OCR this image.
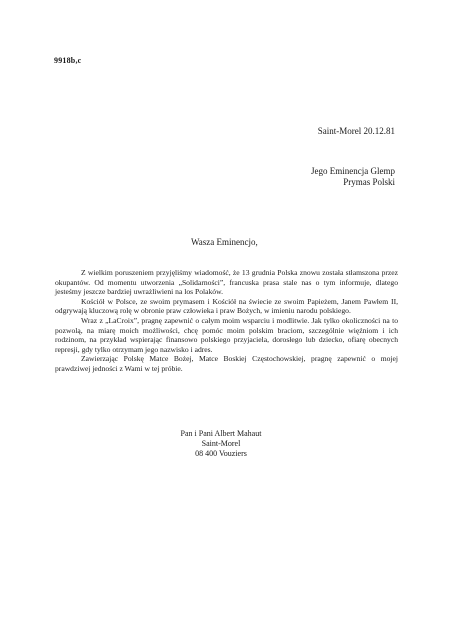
9918b,c
Saint-Morel 20.12.81
Jego Eminencja Glemp
Prymas Polski
Wasza Eminencjo,

Z wielkim poruszeniem przyjęliśmy wiadomość, że 13 grudnia Polska znowu została stłamszona przez okupantów. Od momentu utworzenia „Solidarności”, francuska prasa stale nas o tym informuje, dlatego jesteśmy jeszcze bardziej uwrażliwieni na los Polaków.

Kościół w Polsce, ze swoim prymasem i Kościół na świecie ze swoim Papieżem, Janem Pawłem II, odgrywają kluczową rolę w obronie praw człowieka i praw Bożych, w imieniu narodu polskiego.

Wraz z „LaCroix”, pragnę zapewnić o całym moim wsparciu i modlitwie. Jak tylko okoliczności na to pozwolą, na miarę moich możliwości, chcę pomóc moim polskim braciom, szczególnie więźniom i ich rodzinom, na przykład wspierając finansowo polskiego przyjaciela, dorosłego lub dziecko, ofiarę obecnych represji, gdy tylko otrzymam jego nazwisko i adres.

Zawierzając Polskę Matce Bożej, Matce Boskiej Częstochowskiej, pragnę zapewnić o mojej prawdziwej jedności z Wami w tej próbie.

Pan i Pani Albert Mahaut
Saint-Morel
08 400 Vouziers
